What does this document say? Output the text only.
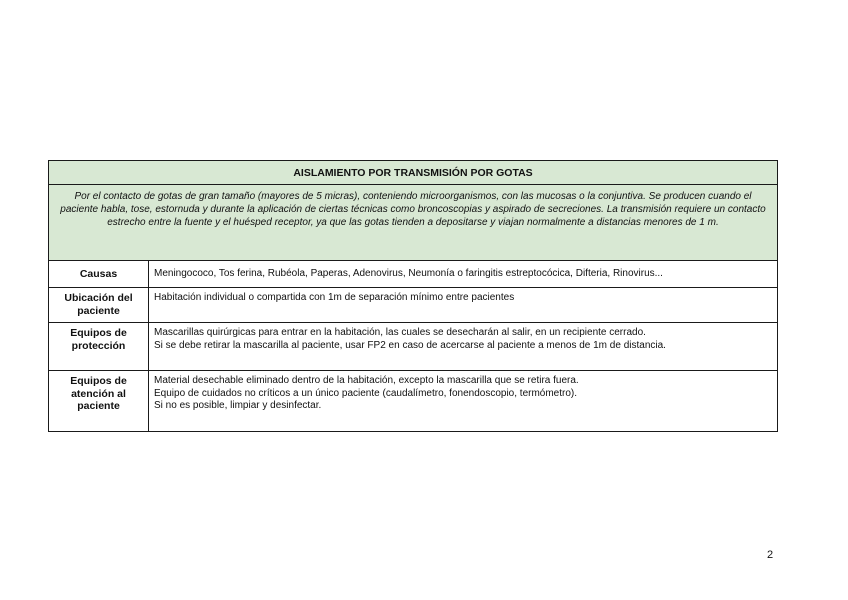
AISLAMIENTO POR TRANSMISIÓN POR GOTAS	
Por el contacto de gotas de gran tamaño (mayores de 5 micras), conteniendo microorganismos, con las mucosas o la conjuntiva. Se producen cuando el paciente habla, tose, estornuda y durante la aplicación de ciertas técnicas como broncoscopias y aspirado de secreciones. La transmisión requiere un contacto estrecho entre la fuente y el huésped receptor, ya que las gotas tienden a depositarse y viajan normalmente a distancias menores de 1 m.	
Causas	Meningococo, Tos ferina, Rubéola, Paperas, Adenovirus, Neumonía o faringitis estreptocócica, Difteria, Rinovirus...

Ubicación del paciente	Habitación individual o compartida con 1m de separación mínimo entre pacientes

Equipos de protección	Mascarillas quirúrgicas para entrar en la habitación, las cuales se desecharán al salir, en un recipiente cerrado.
Si se debe retirar la mascarilla al paciente, usar FP2 en caso de acercarse al paciente a menos de 1m de distancia.

Equipos de atención al paciente	Material desechable eliminado dentro de la habitación, excepto la mascarilla que se retira fuera.
Equipo de cuidados no críticos a un único paciente (caudalímetro, fonendoscopio, termómetro).
Si no es posible, limpiar y desinfectar.
2
